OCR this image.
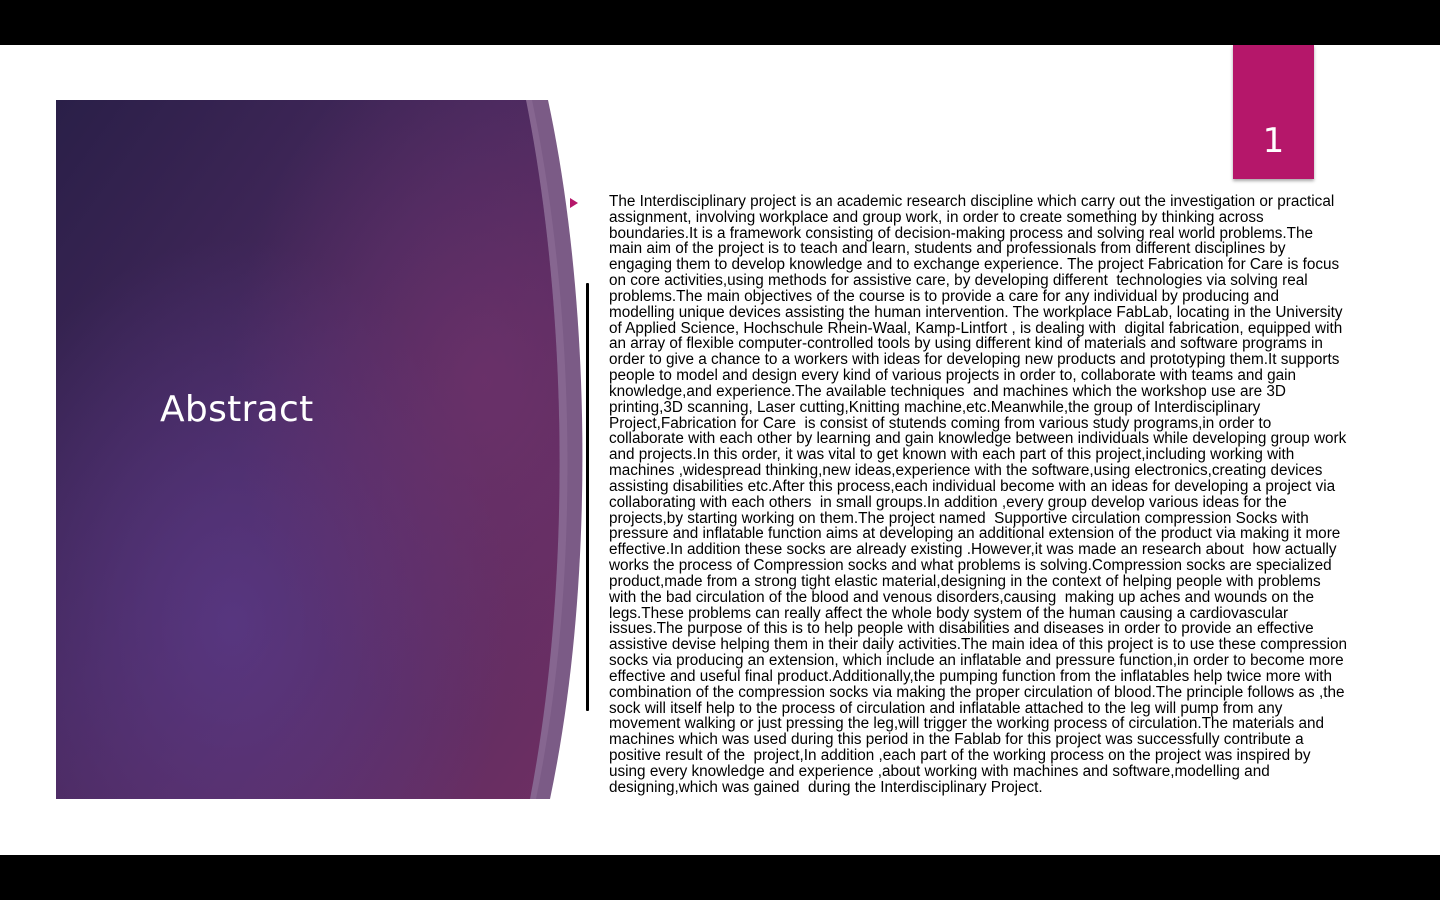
Abstract
1
The Interdisciplinary project is an academic research discipline which carry out the investigation or practical
assignment, involving workplace and group work, in order to create something by thinking across
boundaries.It is a framework consisting of decision-making process and solving real world problems.The
main aim of the project is to teach and learn, students and professionals from different disciplines by
engaging them to develop knowledge and to exchange experience. The project Fabrication for Care is focus
on core activities,using methods for assistive care, by developing different  technologies via solving real
problems.The main objectives of the course is to provide a care for any individual by producing and
modelling unique devices assisting the human intervention. The workplace FabLab, locating in the University
of Applied Science, Hochschule Rhein-Waal, Kamp-Lintfort , is dealing with  digital fabrication, equipped with
an array of flexible computer-controlled tools by using different kind of materials and software programs in
order to give a chance to a workers with ideas for developing new products and prototyping them.It supports
people to model and design every kind of various projects in order to, collaborate with teams and gain
knowledge,and experience.The available techniques  and machines which the workshop use are 3D
printing,3D scanning, Laser cutting,Knitting machine,etc.Meanwhile,the group of Interdisciplinary
Project,Fabrication for Care  is consist of stutends coming from various study programs,in order to
collaborate with each other by learning and gain knowledge between individuals while developing group work
and projects.In this order, it was vital to get known with each part of this project,including working with
machines ,widespread thinking,new ideas,experience with the software,using electronics,creating devices
assisting disabilities etc.After this process,each individual become with an ideas for developing a project via
collaborating with each others  in small groups.In addition ,every group develop various ideas for the
projects,by starting working on them.The project named  Supportive circulation compression Socks with
pressure and inflatable function aims at developing an additional extension of the product via making it more
effective.In addition these socks are already existing .However,it was made an research about  how actually
works the process of Compression socks and what problems is solving.Compression socks are specialized
product,made from a strong tight elastic material,designing in the context of helping people with problems
with the bad circulation of the blood and venous disorders,causing  making up aches and wounds on the
legs.These problems can really affect the whole body system of the human causing a cardiovascular
issues.The purpose of this is to help people with disabilities and diseases in order to provide an effective
assistive devise helping them in their daily activities.The main idea of this project is to use these compression
socks via producing an extension, which include an inflatable and pressure function,in order to become more
effective and useful final product.Additionally,the pumping function from the inflatables help twice more with
combination of the compression socks via making the proper circulation of blood.The principle follows as ,the
sock will itself help to the process of circulation and inflatable attached to the leg will pump from any
movement walking or just pressing the leg,will trigger the working process of circulation.The materials and
machines which was used during this period in the Fablab for this project was successfully contribute a
positive result of the  project,In addition ,each part of the working process on the project was inspired by
using every knowledge and experience ,about working with machines and software,modelling and
designing,which was gained  during the Interdisciplinary Project.
